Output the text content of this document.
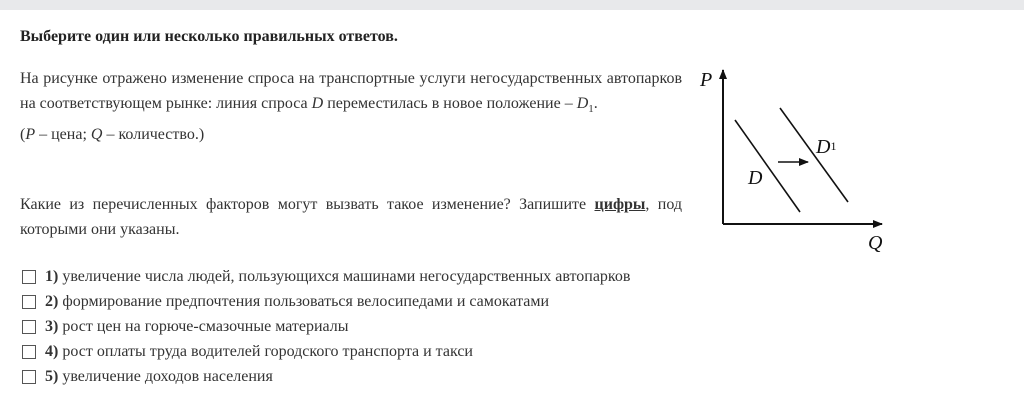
Выберите один или несколько правильных ответов.

На рисунке отражено изменение спроса на транспортные услуги негосударственных автопарков на соответствующем рынке: линия спроса D переместилась в новое положение – $D_1$.

(P – цена; Q – количество.)

Какие из перечисленных факторов могут вызвать такое изменение? Запишите цифры, под которыми они указаны.

P
Q
D
D1
1) увеличение числа людей, пользующихся машинами негосударственных автопарков
2) формирование предпочтения пользоваться велосипедами и самокатами
3) рост цен на горюче-смазочные материалы
4) рост оплаты труда водителей городского транспорта и такси
5) увеличение доходов населения
